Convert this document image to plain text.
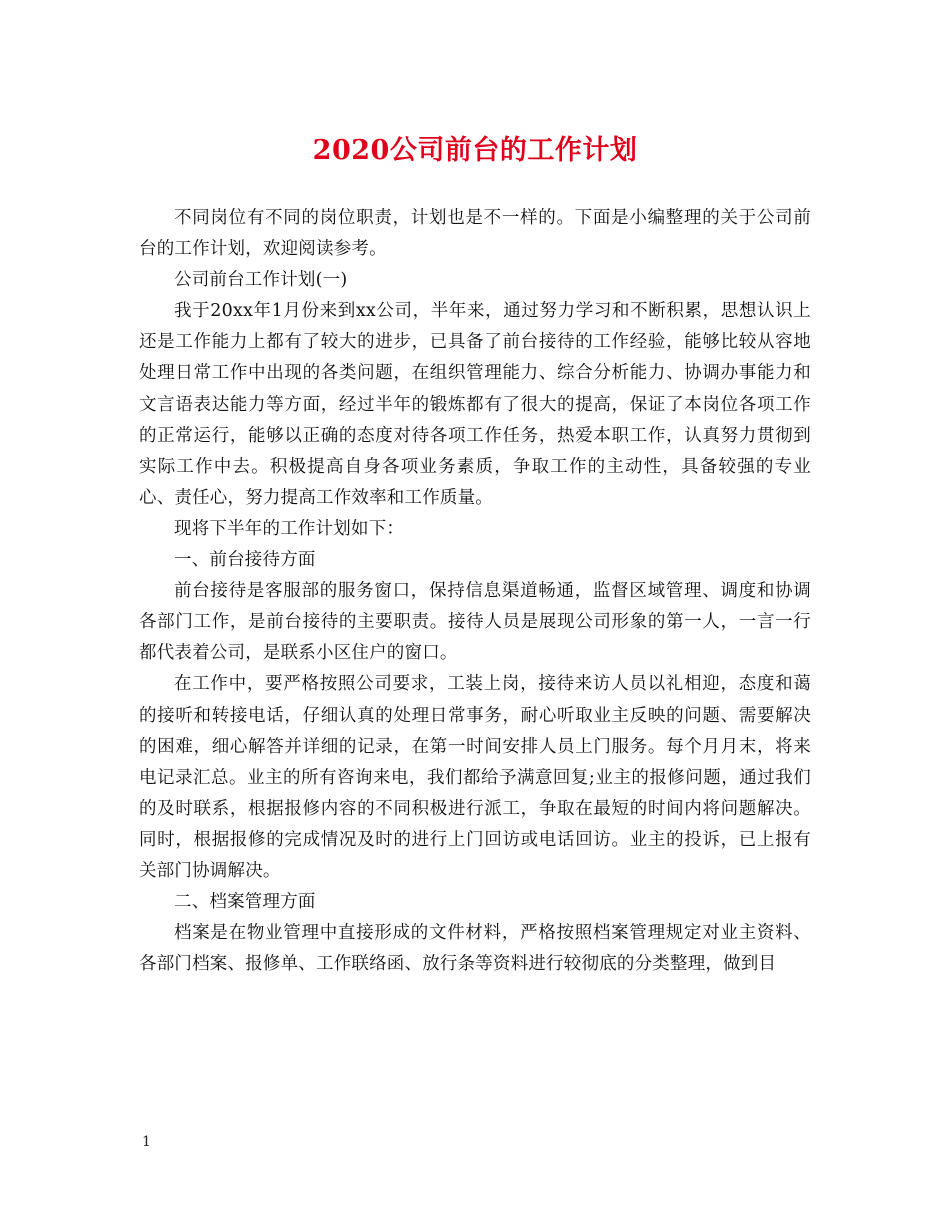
2020公司前台的工作计划

不同岗位有不同的岗位职责，计划也是不一样的。下面是小编整理的关于公司前台的工作计划，欢迎阅读参考。

公司前台工作计划(一)

我于20xx年1月份来到xx公司，半年来，通过努力学习和不断积累，思想认识上还是工作能力上都有了较大的进步，已具备了前台接待的工作经验，能够比较从容地处理日常工作中出现的各类问题，在组织管理能力、综合分析能力、协调办事能力和文言语表达能力等方面，经过半年的锻炼都有了很大的提高，保证了本岗位各项工作的正常运行，能够以正确的态度对待各项工作任务，热爱本职工作，认真努力贯彻到实际工作中去。积极提高自身各项业务素质，争取工作的主动性，具备较强的专业心、责任心，努力提高工作效率和工作质量。

现将下半年的工作计划如下：

一、前台接待方面

前台接待是客服部的服务窗口，保持信息渠道畅通，监督区域管理、调度和协调各部门工作，是前台接待的主要职责。接待人员是展现公司形象的第一人，一言一行都代表着公司，是联系小区住户的窗口。

在工作中，要严格按照公司要求，工装上岗，接待来访人员以礼相迎，态度和蔼的接听和转接电话，仔细认真的处理日常事务，耐心听取业主反映的问题、需要解决的困难，细心解答并详细的记录，在第一时间安排人员上门服务。每个月月末，将来电记录汇总。业主的所有咨询来电，我们都给予满意回复;业主的报修问题，通过我们的及时联系，根据报修内容的不同积极进行派工，争取在最短的时间内将问题解决。同时，根据报修的完成情况及时的进行上门回访或电话回访。业主的投诉，已上报有关部门协调解决。

二、档案管理方面

档案是在物业管理中直接形成的文件材料，严格按照档案管理规定对业主资料、各部门档案、报修单、工作联络函、放行条等资料进行较彻底的分类整理，做到目

1
